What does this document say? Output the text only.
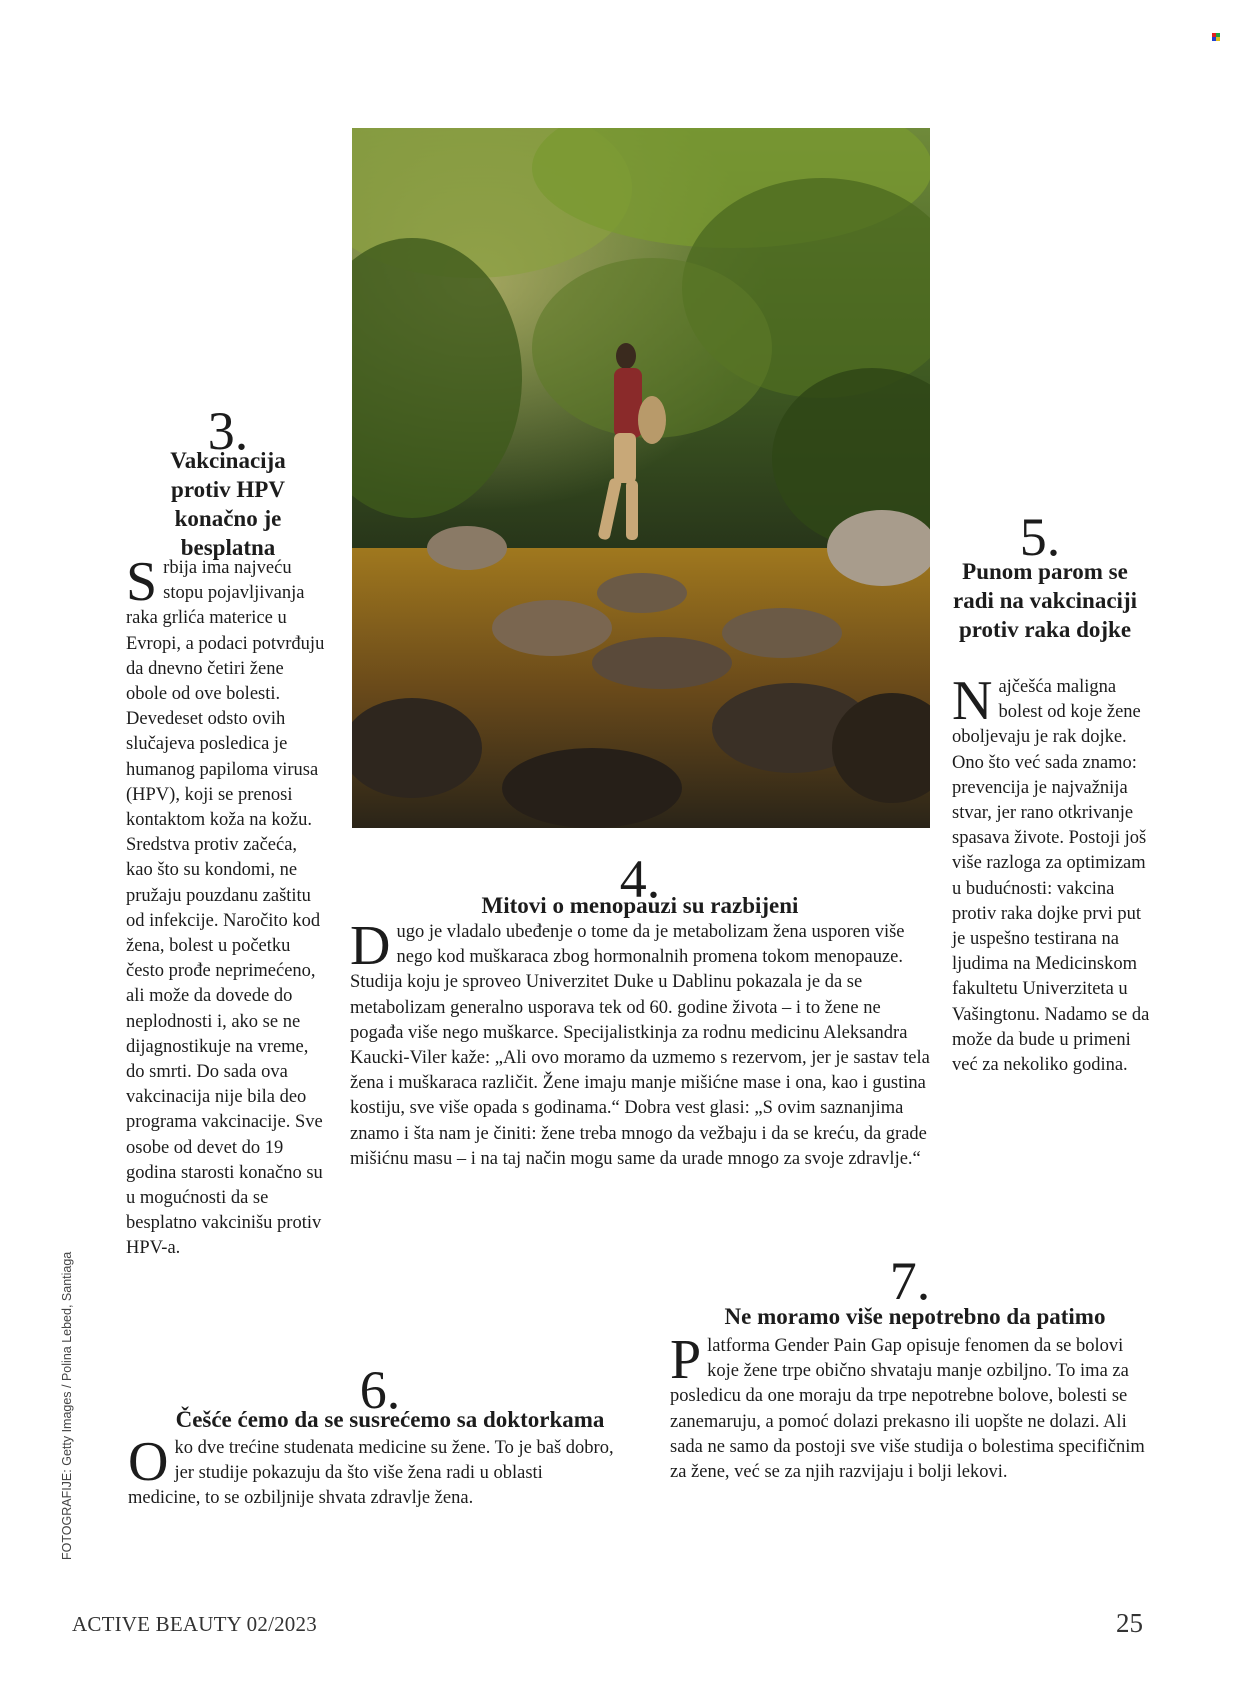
3.
Vakcinacija protiv HPV konačno je besplatna

Srbija ima najveću stopu pojavljivanja raka grlića materice u Evropi, a podaci potvrđuju da dnevno četiri žene obole od ove bolesti. Devedeset odsto ovih slučajeva posledica je humanog papiloma virusa (HPV), koji se prenosi kontaktom koža na kožu. Sredstva protiv začeća, kao što su kondomi, ne pružaju pouzdanu zaštitu od infekcije. Naročito kod žena, bolest u početku često prođe neprimećeno, ali može da dovede do neplodnosti i, ako se ne dijagnostikuje na vreme, do smrti. Do sada ova vakcinacija nije bila deo programa vakcinacije. Sve osobe od devet do 19 godina starosti konačno su u mogućnosti da se besplatno vakcinišu protiv HPV-a.

4.
Mitovi o menopauzi su razbijeni

Dugo je vladalo ubeđenje o tome da je metabolizam žena usporen više nego kod muškaraca zbog hormonalnih promena tokom menopauze. Studija koju je sproveo Univerzitet Duke u Dablinu pokazala je da se metabolizam generalno usporava tek od 60. godine života – i to žene ne pogađa više nego muškarce. Specijalistkinja za rodnu medicinu Aleksandra Kaucki-Viler kaže: „Ali ovo moramo da uzmemo s rezervom, jer je sastav tela žena i muškaraca različit. Žene imaju manje mišićne mase i ona, kao i gustina kostiju, sve više opada s godinama.“ Dobra vest glasi: „S ovim saznanjima znamo i šta nam je činiti: žene treba mnogo da vežbaju i da se kreću, da grade mišićnu masu – i na taj način mogu same da urade mnogo za svoje zdravlje.“

5.
Punom parom se radi na vakcinaciji protiv raka dojke

Najčešća maligna bolest od koje žene oboljevaju je rak dojke. Ono što već sada znamo: prevencija je najvažnija stvar, jer rano otkrivanje spasava živote. Postoji još više razloga za optimizam u budućnosti: vakcina protiv raka dojke prvi put je uspešno testirana na ljudima na Medicinskom fakultetu Univerziteta u Vašingtonu. Nadamo se da može da bude u primeni već za nekoliko godina.

6.
Češće ćemo da se susrećemo sa doktorkama

Oko dve trećine studenata medicine su žene. To je baš dobro, jer studije pokazuju da što više žena radi u oblasti medicine, to se ozbiljnije shvata zdravlje žena.

7.
Ne moramo više nepotrebno da patimo

Platforma Gender Pain Gap opisuje fenomen da se bolovi koje žene trpe obično shvataju manje ozbiljno. To ima za posledicu da one moraju da trpe nepotrebne bolove, bolesti se zanemaruju, a pomoć dolazi prekasno ili uopšte ne dolazi. Ali sada ne samo da postoji sve više studija o bolestima specifičnim za žene, već se za njih razvijaju i bolji lekovi.

FOTOGRAFIJE: Getty Images / Polina Lebed, Santiaga
ACTIVE BEAUTY 02/2023	25
